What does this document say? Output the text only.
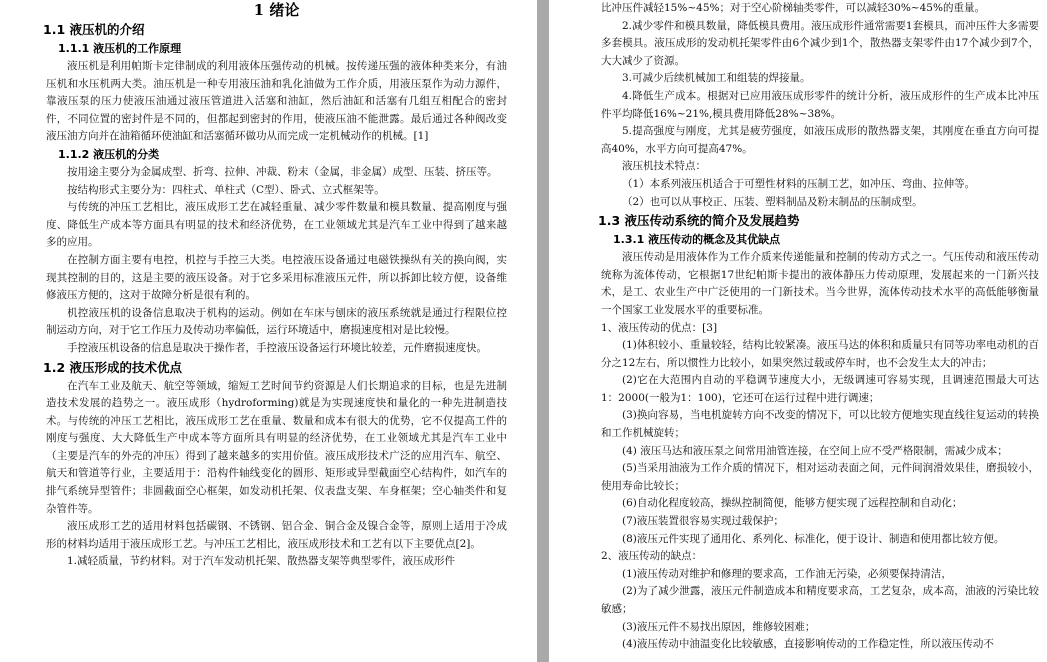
1 绪论
1.1 液压机的介绍
1.1.1 液压机的工作原理

液压机是利用帕斯卡定律制成的利用液体压强传动的机械。按传递压强的液体种类来分，有油压机和水压机两大类。油压机是一种专用液压油和乳化油做为工作介质，用液压泵作为动力源件，靠液压泵的压力使液压油通过液压管道进入活塞和油缸，然后油缸和活塞有几组互相配合的密封件，不同位置的密封件是不同的，但都起到密封的作用，使液压油不能泄露。最后通过各种阀改变液压油方向并在油箱循环使油缸和活塞循环做功从而完成一定机械动作的机械。[1]

1.1.2 液压机的分类

按用途主要分为金属成型、折弯、拉伸、冲裁、粉末（金属，非金属）成型、压装、挤压等。

按结构形式主要分为：四柱式、单柱式（C型）、卧式、立式框架等。

与传统的冲压工艺相比，液压成形工艺在减轻重量、减少零件数量和模具数量、提高刚度与强度、降低生产成本等方面具有明显的技术和经济优势，在工业领域尤其是汽车工业中得到了越来越多的应用。

在控制方面主要有电控，机控与手控三大类。电控液压设备通过电磁铁操纵有关的换向阀，实现其控制的目的，这是主要的液压设备。对于它多采用标准液压元件，所以拆卸比较方便，设备维修液压方便的，这对于故障分析是很有利的。

机控液压机的设备信息取决于机构的运动。例如在车床与刨床的液压系统就是通过行程限位控制运动方向，对于它工作压力及传动功率偏低，运行环境适中，磨损速度相对是比较慢。

手控液压机设备的信息是取决于操作者，手控液压设备运行环境比较差，元件磨损速度快。

1.2 液压形成的技术优点

在汽车工业及航天、航空等领域，缩短工艺时间节约资源是人们长期追求的目标，也是先进制造技术发展的趋势之一。液压成形（hydroforming)就是为实现速度快和量化的一种先进制造技术。与传统的冲压工艺相比，液压成形工艺在重量、数量和成本有很大的优势，它不仅提高工件的刚度与强度、大大降低生产中成本等方面所具有明显的经济优势，在工业领域尤其是汽车工业中（主要是汽车的外壳的冲压）得到了越来越多的实用价值。液压成形技术广泛的应用汽车、航空、航天和管道等行业，主要适用于：沿构件轴线变化的圆形、矩形或异型截面空心结构件，如汽车的排气系统异型管件；非圆截面空心框架，如发动机托架、仪表盘支架、车身框架；空心轴类件和复杂管件等。

液压成形工艺的适用材料包括碳钢、不锈钢、铝合金、铜合金及镍合金等，原则上适用于冷成形的材料均适用于液压成形工艺。与冲压工艺相比，液压成形技术和工艺有以下主要优点[2]。

1.减轻质量，节约材料。对于汽车发动机托架、散热器支架等典型零件，液压成形件

比冲压件减轻15%~45%；对于空心阶梯轴类零件，可以减轻30%~45%的重量。

2.减少零件和模具数量，降低模具费用。液压成形件通常需要1套模具，而冲压件大多需要多套模具。液压成形的发动机托架零件由6个减少到1个，散热器支架零件由17个减少到7个，大大减少了资源。

3.可减少后续机械加工和组装的焊接量。

4.降低生产成本。根据对已应用液压成形零件的统计分析，液压成形件的生产成本比冲压件平均降低16%~21%,模具费用降低28%~38%。

5.提高强度与刚度，尤其是疲劳强度，如液压成形的散热器支架，其刚度在垂直方向可提高40%，水平方向可提高47%。

液压机技术特点：

（1）本系列液压机适合于可塑性材料的压制工艺，如冲压、弯曲、拉伸等。

（2）也可以从事校正、压装、塑料制品及粉末制品的压制成型。

1.3 液压传动系统的简介及发展趋势
1.3.1 液压传动的概念及其优缺点

液压传动是用液体作为工作介质来传递能量和控制的传动方式之一。气压传动和液压传动统称为流体传动，它根据17世纪帕斯卡提出的液体静压力传动原理，发展起来的一门新兴技术，是工、农业生产中广泛使用的一门新技术。当今世界，流体传动技术水平的高低能够衡量一个国家工业发展水平的重要标准。

1、液压传动的优点：[3]

(1)体积较小、重量较轻，结构比较紧凑。液压马达的体积和质量只有同等功率电动机的百分之12左右，所以惯性力比较小，如果突然过载或停车时，也不会发生太大的冲击；

(2)它在大范围内自动的平稳调节速度大小，无级调速可容易实现，且调速范围最大可达1：2000(一般为1：100)，它还可在运行过程中进行调速；

(3)换向容易，当电机旋转方向不改变的情况下，可以比较方便地实现直线往复运动的转换和工作机械旋转；

(4) 液压马达和液压泵之间常用油管连接，在空间上应不受严格限制，需减少成本；

(5)当采用油液为工作介质的情况下，相对运动表面之间，元件间润滑效果佳，磨损较小，使用寿命比较长；

(6)自动化程度较高，操纵控制简便，能够方便实现了远程控制和自动化；

(7)液压装置很容易实现过载保护；

(8)液压元件实现了通用化、系列化、标准化，便于设计、制造和使用都比较方便。

2、液压传动的缺点：

(1)液压传动对维护和修理的要求高，工作油无污染，必须要保持清洁，

(2)为了减少泄露，液压元件制造成本和精度要求高，工艺复杂，成本高，油液的污染比较敏感；

(3)液压元件不易找出原因，维修较困难；

(4)液压传动中油温变化比较敏感，直接影响传动的工作稳定性，所以液压传动不
